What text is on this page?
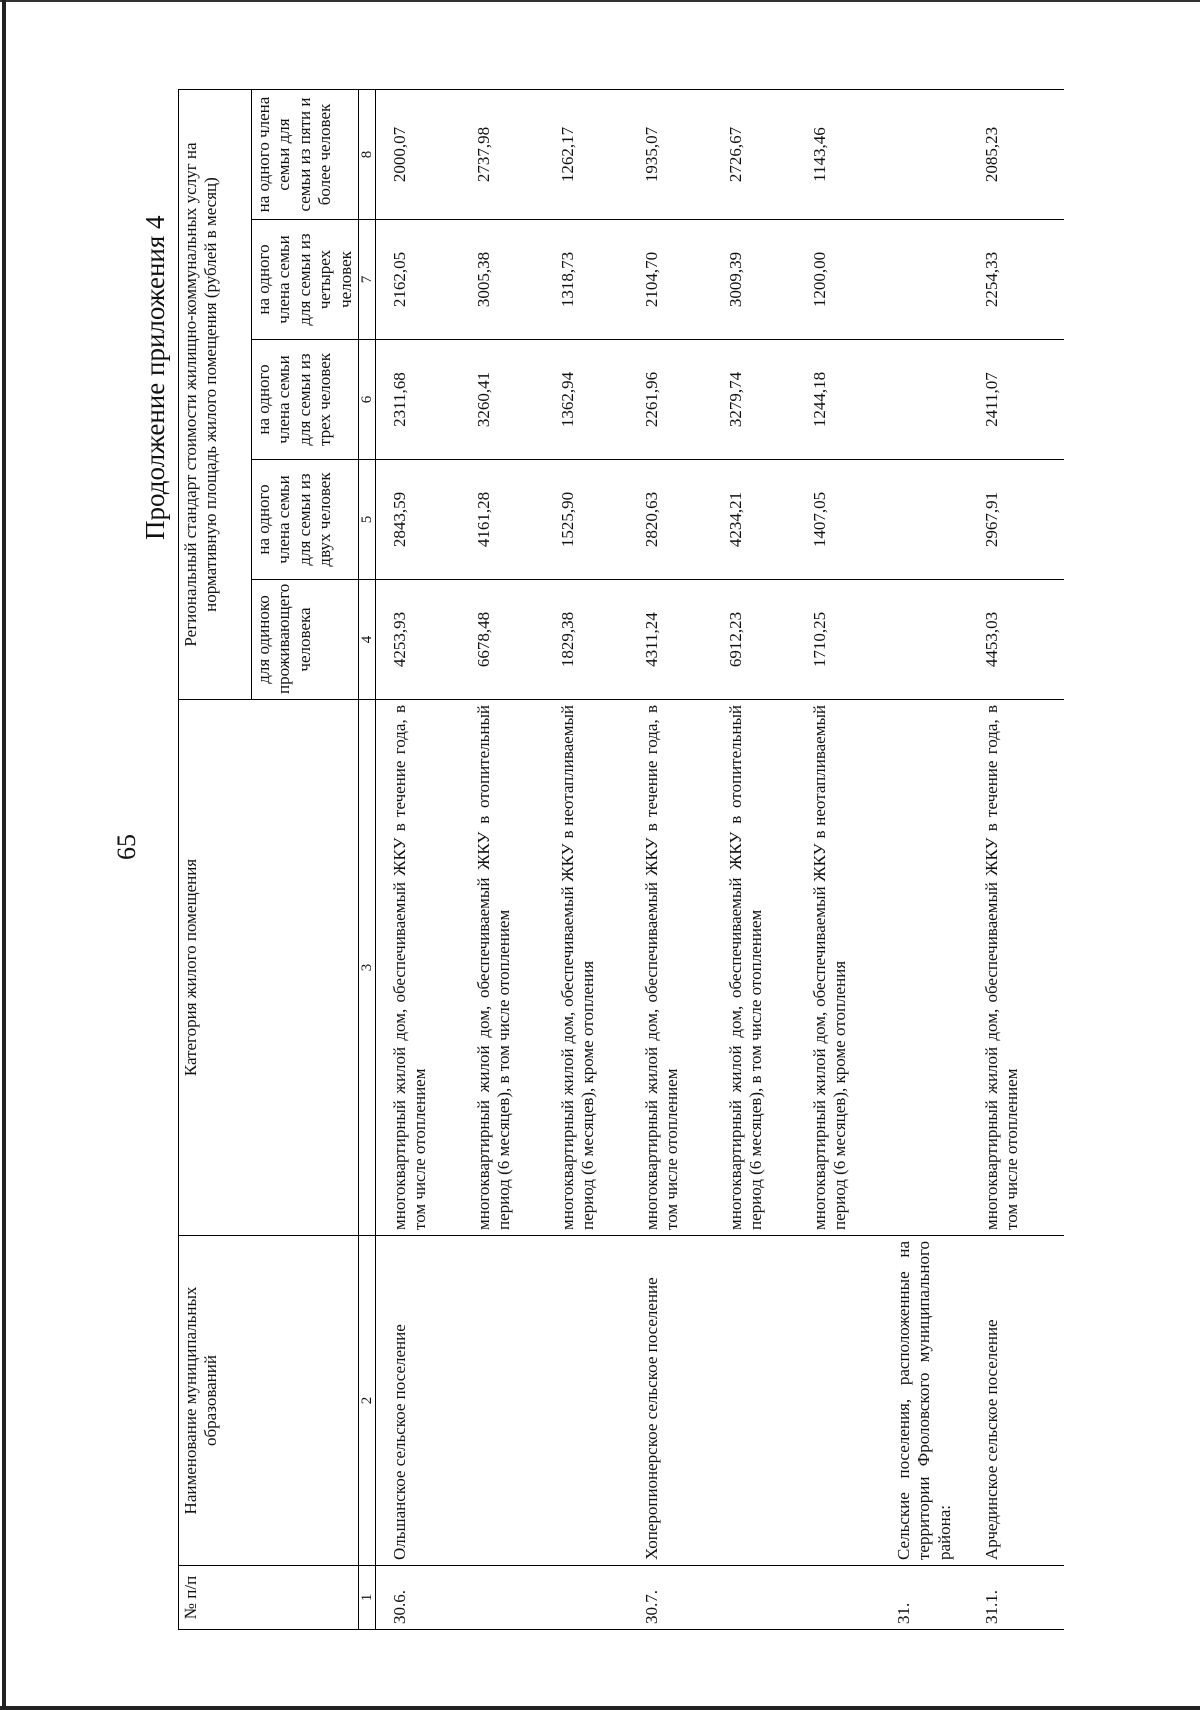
65
Продолжение приложения 4
№ п/п	Наименование муниципальных образований	Категория жилого помещения	Региональный стандарт стоимости жилищно-коммунальных услуг на нормативную площадь жилого помещения (рублей в месяц)				
			для одиноко проживающего человека	на одного члена семьи для семьи из двух человек	на одного члена семьи для семьи из трех человек	на одного члена семьи для семьи из четырех человек	на одного члена семьи для семьи из пяти и более человек
1	2	3	4	5	6	7	8
30.6.	Ольшанское сельское поселение	многоквартирный жилой дом, обеспечиваемый ЖКУ в течение года, в том числе отоплением	4253,93	2843,59	2311,68	2162,05	2000,07
		многоквартирный жилой дом, обеспечиваемый ЖКУ в отопительный период (6 месяцев), в том числе отоплением	6678,48	4161,28	3260,41	3005,38	2737,98
		многоквартирный жилой дом, обеспечиваемый ЖКУ в неотапливаемый период (6 месяцев), кроме отопления	1829,38	1525,90	1362,94	1318,73	1262,17
30.7.	Хоперопионерское сельское поселение	многоквартирный жилой дом, обеспечиваемый ЖКУ в течение года, в том числе отоплением	4311,24	2820,63	2261,96	2104,70	1935,07
		многоквартирный жилой дом, обеспечиваемый ЖКУ в отопительный период (6 месяцев), в том числе отоплением	6912,23	4234,21	3279,74	3009,39	2726,67
		многоквартирный жилой дом, обеспечиваемый ЖКУ в неотапливаемый период (6 месяцев), кроме отопления	1710,25	1407,05	1244,18	1200,00	1143,46
31.	Сельские поселения, расположенные на территории Фроловского муниципального района:						
31.1.	Арчединское сельское поселение	многоквартирный жилой дом, обеспечиваемый ЖКУ в течение года, в том числе отоплением	4453,03	2967,91	2411,07	2254,33	2085,23
